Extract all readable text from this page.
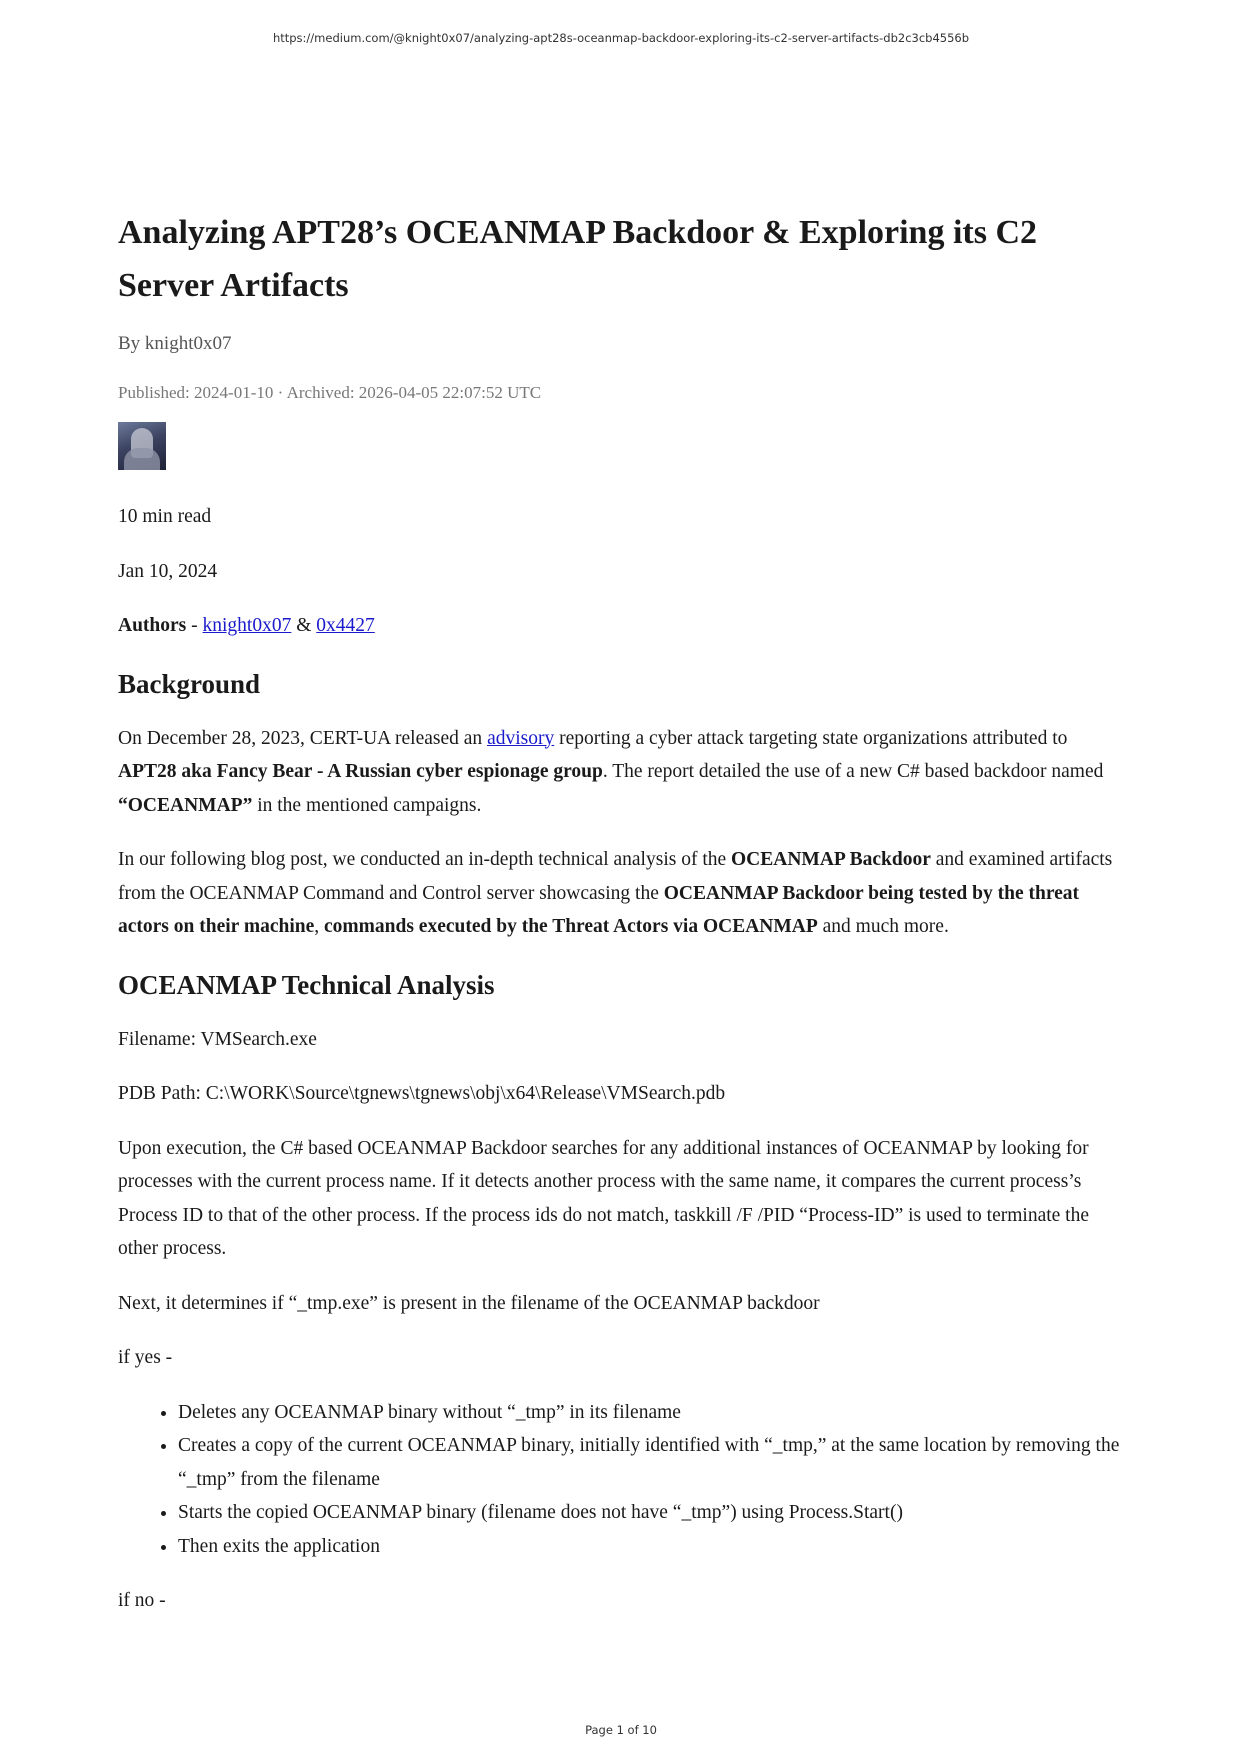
https://medium.com/@knight0x07/analyzing-apt28s-oceanmap-backdoor-exploring-its-c2-server-artifacts-db2c3cb4556b
Analyzing APT28’s OCEANMAP Backdoor & Exploring its C2 Server Artifacts
By knight0x07
Published: 2024-01-10 · Archived: 2026-04-05 22:07:52 UTC

10 min read

Jan 10, 2024

Authors - knight0x07 & 0x4427

Background

On December 28, 2023, CERT-UA released an advisory reporting a cyber attack targeting state organizations attributed to APT28 aka Fancy Bear - A Russian cyber espionage group. The report detailed the use of a new C# based backdoor named “OCEANMAP” in the mentioned campaigns.

In our following blog post, we conducted an in-depth technical analysis of the OCEANMAP Backdoor and examined artifacts from the OCEANMAP Command and Control server showcasing the OCEANMAP Backdoor being tested by the threat actors on their machine, commands executed by the Threat Actors via OCEANMAP and much more.

OCEANMAP Technical Analysis

Filename: VMSearch.exe

PDB Path: C:\WORK\Source\tgnews\tgnews\obj\x64\Release\VMSearch.pdb

Upon execution, the C# based OCEANMAP Backdoor searches for any additional instances of OCEANMAP by looking for processes with the current process name. If it detects another process with the same name, it compares the current process’s Process ID to that of the other process. If the process ids do not match, taskkill /F /PID “Process-ID” is used to terminate the other process.

Next, it determines if “_tmp.exe” is present in the filename of the OCEANMAP backdoor

if yes -

• Deletes any OCEANMAP binary without “_tmp” in its filename
• Creates a copy of the current OCEANMAP binary, initially identified with “_tmp,” at the same location by removing the “_tmp” from the filename
• Starts the copied OCEANMAP binary (filename does not have “_tmp”) using Process.Start()
• Then exits the application

if no -

Page 1 of 10
